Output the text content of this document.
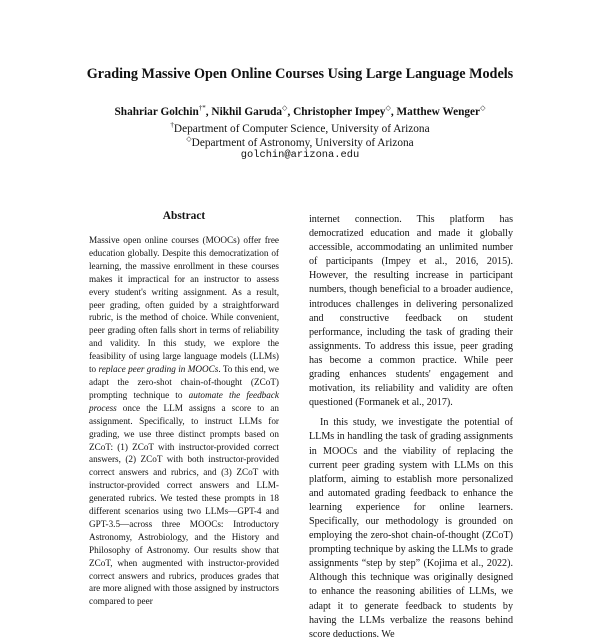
Grading Massive Open Online Courses Using Large Language Models
Shahriar Golchin†*, Nikhil Garuda◇, Christopher Impey◇, Matthew Wenger◇
†Department of Computer Science, University of Arizona
◇Department of Astronomy, University of Arizona
golchin@arizona.edu
Abstract
Massive open online courses (MOOCs) offer free education globally. Despite this democratization of learning, the massive enrollment in these courses makes it impractical for an instructor to assess every student's writing assignment. As a result, peer grading, often guided by a straightforward rubric, is the method of choice. While convenient, peer grading often falls short in terms of reliability and validity. In this study, we explore the feasibility of using large language models (LLMs) to replace peer grading in MOOCs. To this end, we adapt the zero-shot chain-of-thought (ZCoT) prompting technique to automate the feedback process once the LLM assigns a score to an assignment. Specifically, to instruct LLMs for grading, we use three distinct prompts based on ZCoT: (1) ZCoT with instructor-provided correct answers, (2) ZCoT with both instructor-provided correct answers and rubrics, and (3) ZCoT with instructor-provided correct answers and LLM-generated rubrics. We tested these prompts in 18 different scenarios using two LLMs—GPT-4 and GPT-3.5—across three MOOCs: Introductory Astronomy, Astrobiology, and the History and Philosophy of Astronomy. Our results show that ZCoT, when augmented with instructor-provided correct answers and rubrics, produces grades that are more aligned with those assigned by instructors compared to peer

internet connection. This platform has democratized education and made it globally accessible, accommodating an unlimited number of participants (Impey et al., 2016, 2015). However, the resulting increase in participant numbers, though beneficial to a broader audience, introduces challenges in delivering personalized and constructive feedback on student performance, including the task of grading their assignments. To address this issue, peer grading has become a common practice. While peer grading enhances students' engagement and motivation, its reliability and validity are often questioned (Formanek et al., 2017).

In this study, we investigate the potential of LLMs in handling the task of grading assignments in MOOCs and the viability of replacing the current peer grading system with LLMs on this platform, aiming to establish more personalized and automated grading feedback to enhance the learning experience for online learners. Specifically, our methodology is grounded on employing the zero-shot chain-of-thought (ZCoT) prompting technique by asking the LLMs to grade assignments “step by step” (Kojima et al., 2022). Although this technique was originally designed to enhance the reasoning abilities of LLMs, we adapt it to generate feedback to students by having the LLMs verbalize the reasons behind score deductions. We
